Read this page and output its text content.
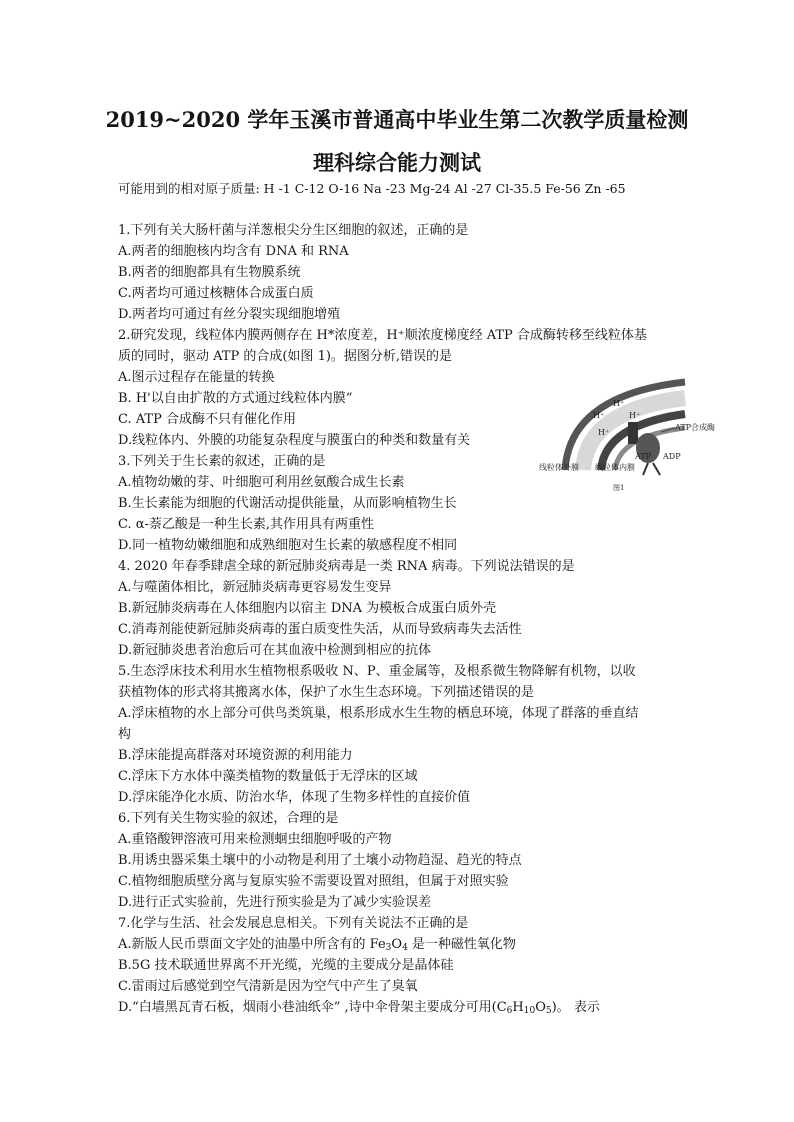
2019~2020 学年玉溪市普通高中毕业生第二次教学质量检测
理科综合能力测试
可能用到的相对原子质量: H -1 C-12 O-16 Na -23 Mg-24 Al -27 Cl-35.5 Fe-56 Zn -65
1.下列有关大肠杆菌与洋葱根尖分生区细胞的叙述，正确的是
A.两者的细胞核内均含有 DNA 和 RNA
B.两者的细胞都具有生物膜系统
C.两者均可通过核糖体合成蛋白质
D.两者均可通过有丝分裂实现细胞增殖
2.研究发现，线粒体内膜两侧存在 H*浓度差，H⁺顺浓度梯度经 ATP 合成酶转移至线粒体基
质的同时，驱动 ATP 的合成(如图 1)。据图分析,错误的是
A.图示过程存在能量的转换
B. H'以自由扩散的方式通过线粒体内膜“
C. ATP 合成酶不只有催化作用
D.线粒体内、外膜的功能复杂程度与膜蛋白的种类和数量有关
H⁺
H⁺
H⁺
H⁺
ATP合成酶
ATP ADP
线粒体外膜 线粒体内膜
图1
3.下列关于生长素的叙述，正确的是
A.植物幼嫩的芽、叶细胞可利用丝氨酸合成生长素
B.生长素能为细胞的代谢活动提供能量，从而影响植物生长
C. α-萘乙酸是一种生长素,其作用具有两重性
D.同一植物幼嫩细胞和成熟细胞对生长素的敏感程度不相同
4. 2020 年春季肆虐全球的新冠肺炎病毒是一类 RNA 病毒。下列说法错误的是
A.与噬菌体相比，新冠肺炎病毒更容易发生变异
B.新冠肺炎病毒在人体细胞内以宿主 DNA 为模板合成蛋白质外壳
C.消毒剂能使新冠肺炎病毒的蛋白质变性失活，从而导致病毒失去活性
D.新冠肺炎患者治愈后可在其血液中检测到相应的抗体
5.生态浮床技术利用水生植物根系吸收 N、P、重金属等，及根系微生物降解有机物，以收
获植物体的形式将其搬离水体，保护了水生生态环境。下列描述错误的是
A.浮床植物的水上部分可供鸟类筑巢，根系形成水生生物的栖息环境，体现了群落的垂直结
构
B.浮床能提高群落对环境资源的利用能力
C.浮床下方水体中藻类植物的数量低于无浮床的区域
D.浮床能净化水质、防治水华，体现了生物多样性的直接价值
6.下列有关生物实验的叙述，合理的是
A.重铬酸钾溶液可用来检测蛔虫细胞呼吸的产物
B.用诱虫器采集土壤中的小动物是利用了土壤小动物趋湿、趋光的特点
C.植物细胞质壁分离与复原实验不需要设置对照组，但属于对照实验
D.进行正式实验前，先进行预实验是为了减少实验误差
7.化学与生活、社会发展息息相关。下列有关说法不正确的是
A.新版人民币票面文字处的油墨中所含有的 $Fe_3O_4$ 是一种磁性氧化物
B.5G 技术联通世界离不开光缆，光缆的主要成分是晶体硅
C.雷雨过后感觉到空气清新是因为空气中产生了臭氧
D.“白墙黑瓦青石板，烟雨小巷油纸伞” ,诗中伞骨架主要成分可用$(C_6H_{10}O_5)$。 表示
